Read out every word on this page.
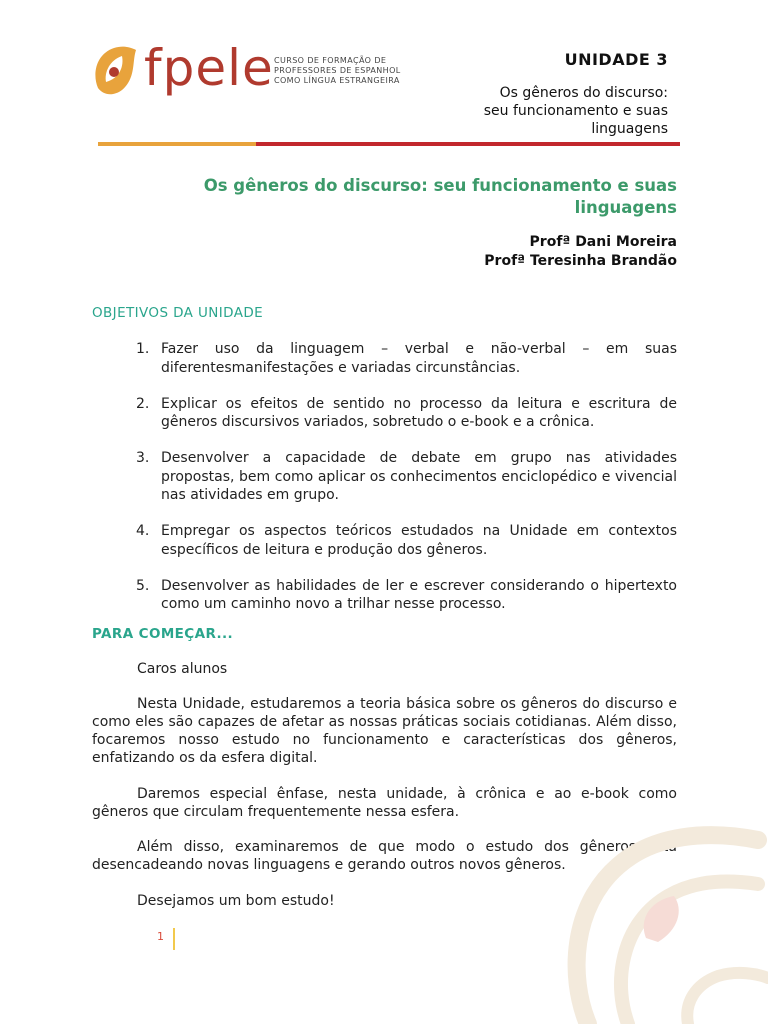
fpele CURSO DE FORMAÇÃO DE
PROFESSORES DE ESPANHOL
COMO LÍNGUA ESTRANGEIRA
UNIDADE 3
Os gêneros do discurso:
seu funcionamento e suas
linguagens
Os gêneros do discurso: seu funcionamento e suas
linguagens
Profª Dani Moreira
Profª Teresinha Brandão
OBJETIVOS DA UNIDADE
1. Fazer uso da linguagem – verbal e não-verbal – em suas diferentesmanifestações e variadas circunstâncias.
2. Explicar os efeitos de sentido no processo da leitura e escritura de gêneros discursivos variados, sobretudo o e-book e a crônica.
3. Desenvolver a capacidade de debate em grupo nas atividades propostas, bem como aplicar os conhecimentos enciclopédico e vivencial nas atividades em grupo.
4. Empregar os aspectos teóricos estudados na Unidade em contextos específicos de leitura e produção dos gêneros.
5. Desenvolver as habilidades de ler e escrever considerando o hipertexto como um caminho novo a trilhar nesse processo.
PARA COMEÇAR...

Caros alunos

Nesta Unidade, estudaremos a teoria básica sobre os gêneros do discurso e como eles são capazes de afetar as nossas práticas sociais cotidianas. Além disso, focaremos nosso estudo no funcionamento e características dos gêneros, enfatizando os da esfera digital.

Daremos especial ênfase, nesta unidade, à crônica e ao e-book como gêneros que circulam frequentemente nessa esfera.

Além disso, examinaremos de que modo o estudo dos gêneros está desencadeando novas linguagens e gerando outros novos gêneros.

Desejamos um bom estudo!

1
